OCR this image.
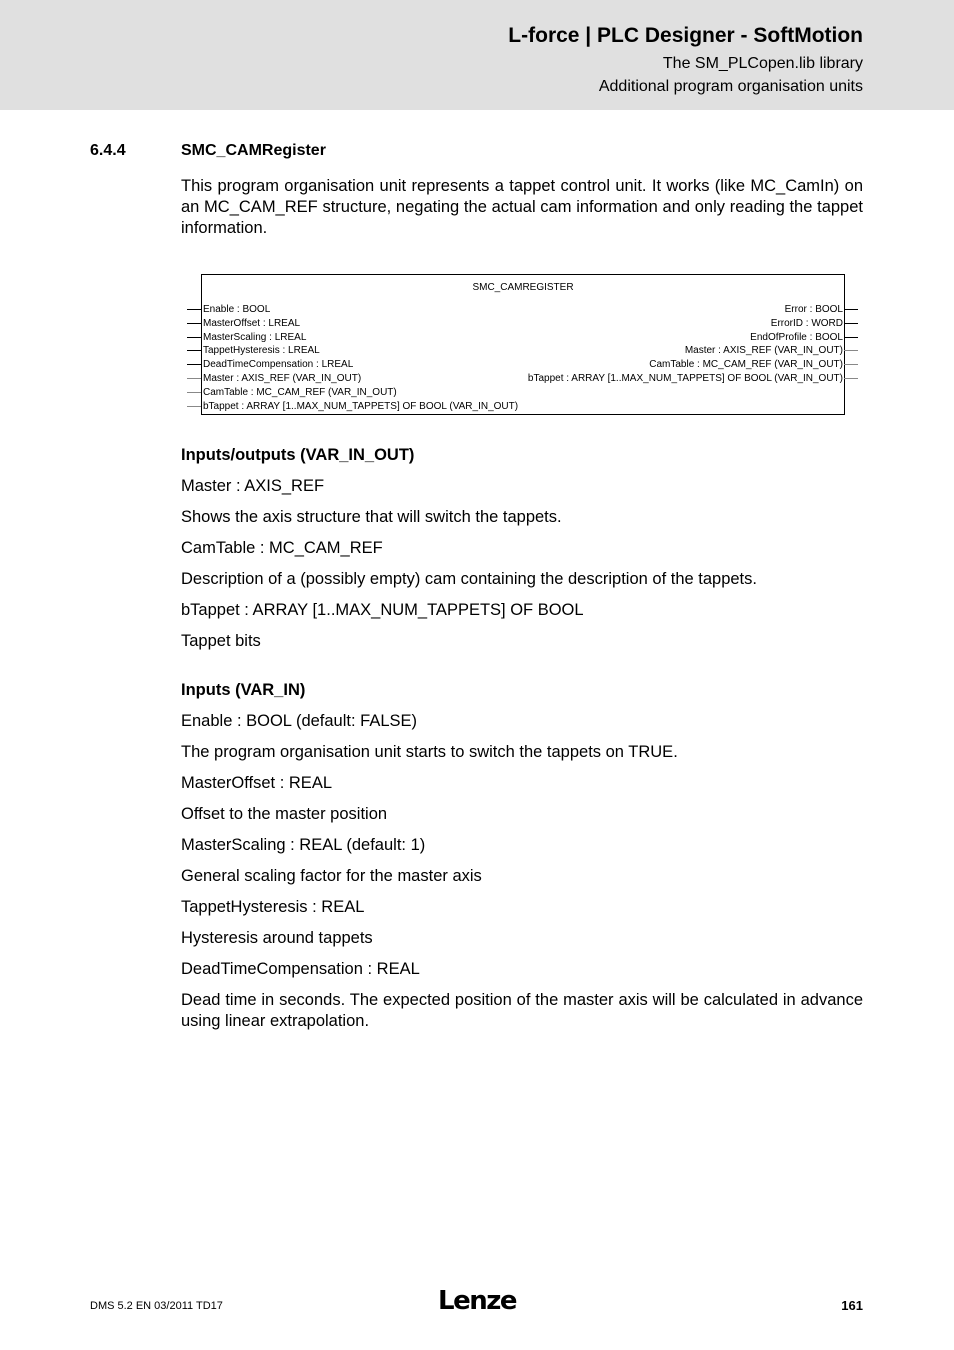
L-force | PLC Designer - SoftMotion
The SM_PLCopen.lib library
Additional program organisation units
6.4.4	SMC_CAMRegister

This program organisation unit represents a tappet control unit. It works (like MC_CamIn) on an MC_CAM_REF structure, negating the actual cam information and only reading the tappet information.

SMC_CAMREGISTER
Enable : BOOL
MasterOffset : LREAL
MasterScaling : LREAL
TappetHysteresis : LREAL
DeadTimeCompensation : LREAL
Master : AXIS_REF (VAR_IN_OUT)
CamTable : MC_CAM_REF (VAR_IN_OUT)
bTappet : ARRAY [1..MAX_NUM_TAPPETS] OF BOOL (VAR_IN_OUT)
Error : BOOL
ErrorID : WORD
EndOfProfile : BOOL
Master : AXIS_REF (VAR_IN_OUT)
CamTable : MC_CAM_REF (VAR_IN_OUT)
bTappet : ARRAY [1..MAX_NUM_TAPPETS] OF BOOL (VAR_IN_OUT)
Inputs/outputs (VAR_IN_OUT)

Master : AXIS_REF

Shows the axis structure that will switch the tappets.

CamTable : MC_CAM_REF

Description of a (possibly empty) cam containing the description of the tappets.

bTappet : ARRAY [1..MAX_NUM_TAPPETS] OF BOOL

Tappet bits

Inputs (VAR_IN)

Enable : BOOL (default: FALSE)

The program organisation unit starts to switch the tappets on TRUE.

MasterOffset : REAL

Offset to the master position

MasterScaling : REAL (default: 1)

General scaling factor for the master axis

TappetHysteresis : REAL

Hysteresis around tappets

DeadTimeCompensation : REAL

Dead time in seconds. The expected position of the master axis will be calculated in advance using linear extrapolation.

DMS 5.2 EN 03/2011 TD17	Lenze	161
